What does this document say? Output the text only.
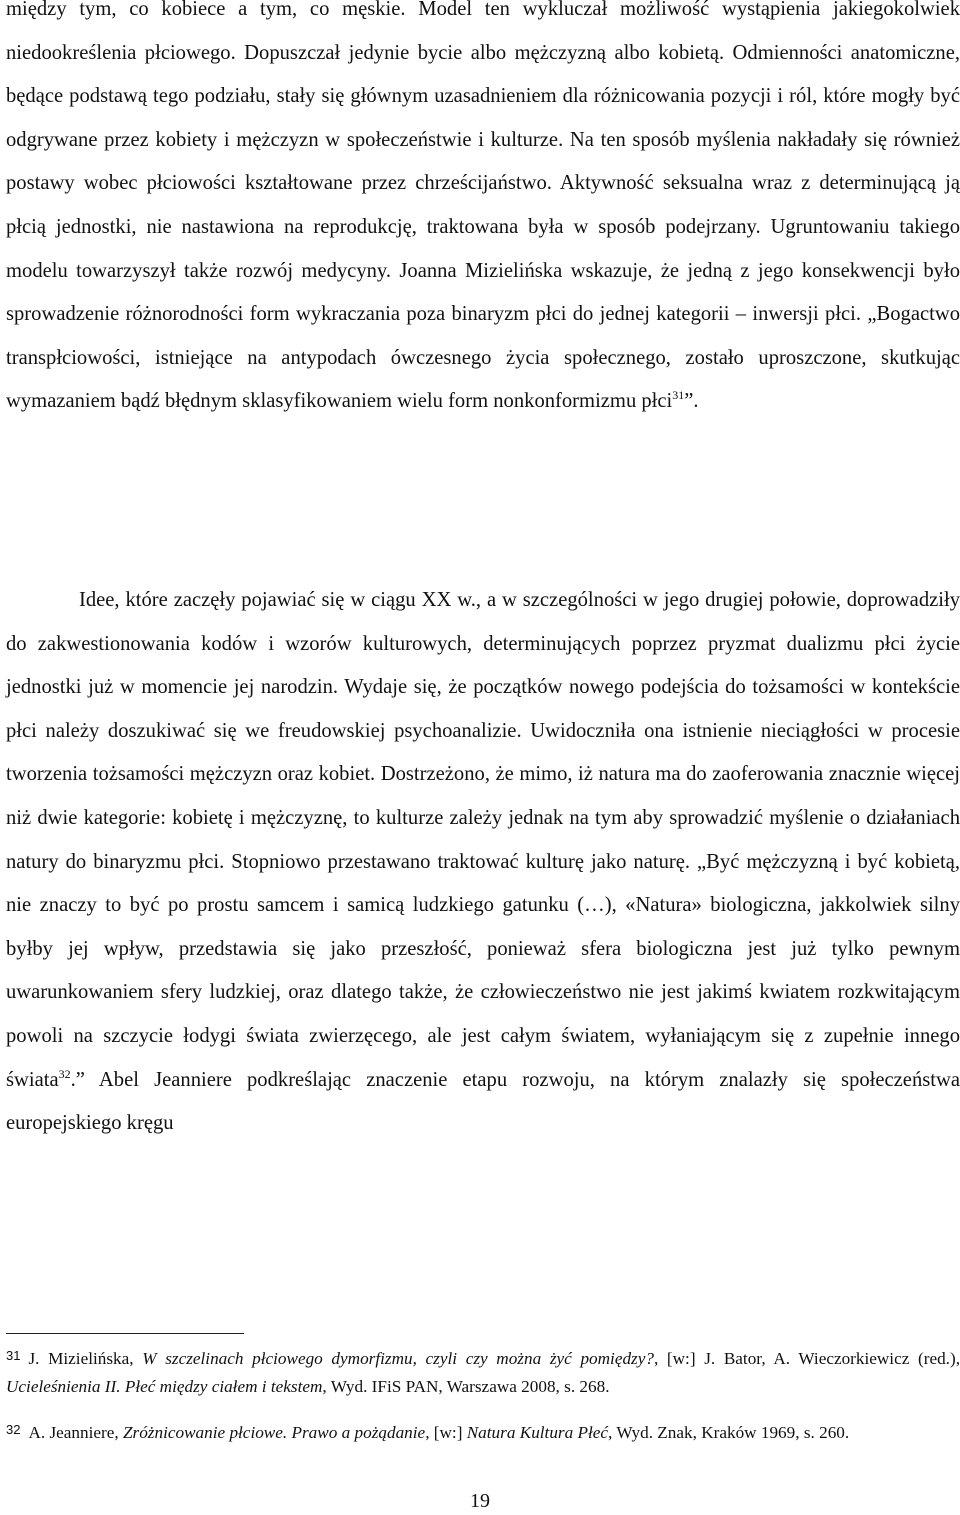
między tym, co kobiece a tym, co męskie. Model ten wykluczał możliwość wystąpienia jakiegokolwiek niedookreślenia płciowego. Dopuszczał jedynie bycie albo mężczyzną albo kobietą. Odmienności anatomiczne, będące podstawą tego podziału, stały się głównym uzasadnieniem dla różnicowania pozycji i ról, które mogły być odgrywane przez kobiety i mężczyzn w społeczeństwie i kulturze. Na ten sposób myślenia nakładały się również postawy wobec płciowości kształtowane przez chrześcijaństwo. Aktywność seksualna wraz z determinującą ją płcią jednostki, nie nastawiona na reprodukcję, traktowana była w sposób podejrzany. Ugruntowaniu takiego modelu towarzyszył także rozwój medycyny. Joanna Mizielińska wskazuje, że jedną z jego konsekwencji było sprowadzenie różnorodności form wykraczania poza binaryzm płci do jednej kategorii – inwersji płci. „Bogactwo transpłciowości, istniejące na antypodach ówczesnego życia społecznego, zostało uproszczone, skutkując wymazaniem bądź błędnym sklasyfikowaniem wielu form nonkonformizmu płci$^{31}$”.

Idee, które zaczęły pojawiać się w ciągu XX w., a w szczególności w jego drugiej połowie, doprowadziły do zakwestionowania kodów i wzorów kulturowych, determinujących poprzez pryzmat dualizmu płci życie jednostki już w momencie jej narodzin. Wydaje się, że początków nowego podejścia do tożsamości w kontekście płci należy doszukiwać się we freudowskiej psychoanalizie. Uwidoczniła ona istnienie nieciągłości w procesie tworzenia tożsamości mężczyzn oraz kobiet. Dostrzeżono, że mimo, iż natura ma do zaoferowania znacznie więcej niż dwie kategorie: kobietę i mężczyznę, to kulturze zależy jednak na tym aby sprowadzić myślenie o działaniach natury do binaryzmu płci. Stopniowo przestawano traktować kulturę jako naturę. „Być mężczyzną i być kobietą, nie znaczy to być po prostu samcem i samicą ludzkiego gatunku (…), «Natura» biologiczna, jakkolwiek silny byłby jej wpływ, przedstawia się jako przeszłość, ponieważ sfera biologiczna jest już tylko pewnym uwarunkowaniem sfery ludzkiej, oraz dlatego także, że człowieczeństwo nie jest jakimś kwiatem rozkwitającym powoli na szczycie łodygi świata zwierzęcego, ale jest całym światem, wyłaniającym się z zupełnie innego świata$^{32}$.” Abel Jeanniere podkreślając znaczenie etapu rozwoju, na którym znalazły się społeczeństwa europejskiego kręgu

$^{31}$ J. Mizielińska, W szczelinach płciowego dymorfizmu, czyli czy można żyć pomiędzy?, [w:] J. Bator, A. Wieczorkiewicz (red.), Ucieleśnienia II. Płeć między ciałem i tekstem, Wyd. IFiS PAN, Warszawa 2008, s. 268.

$^{32}$ A. Jeanniere, Zróżnicowanie płciowe. Prawo a pożądanie, [w:] Natura Kultura Płeć, Wyd. Znak, Kraków 1969, s. 260.

19
